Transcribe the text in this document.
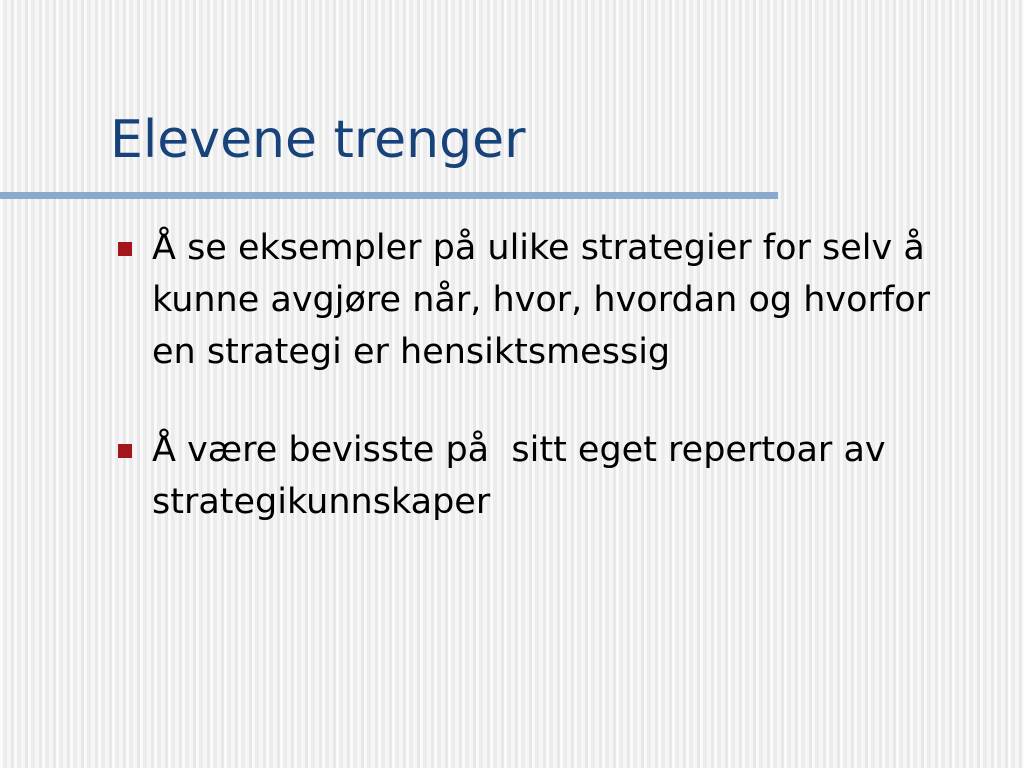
Elevene trenger
Å se eksempler på ulike strategier for selv å kunne avgjøre når, hvor, hvordan og hvorfor en strategi er hensiktsmessig
Å være bevisste på  sitt eget repertoar av strategikunnskaper
